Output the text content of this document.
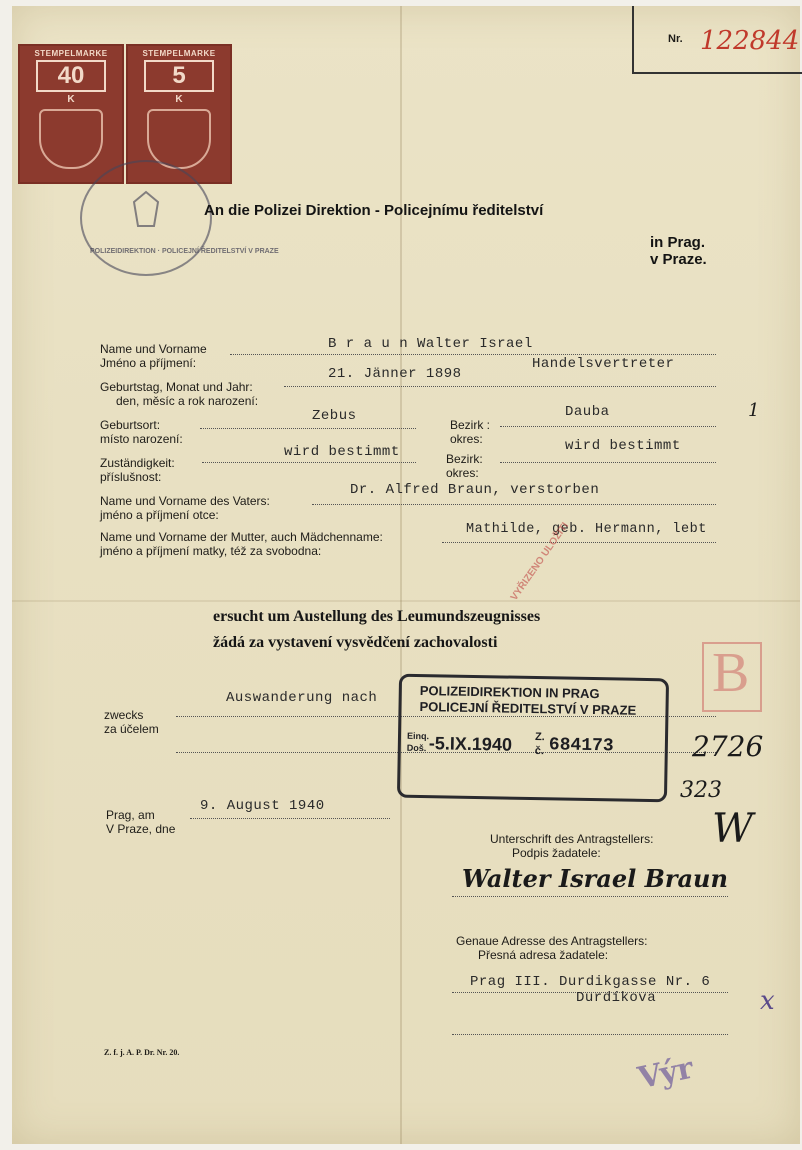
Nr. 122844
STEMPELMARKE
40
K
STEMPELMARKE
5
K
POLIZEIDIREKTION · POLICEJNÍ ŘEDITELSTVÍ V PRAZE
An die Polizei Direktion - Policejnímu ředitelství
in Prag.
v Praze.
Name und Vorname
Jméno a příjmení:
B r a u n Walter Israel
Handelsvertreter
Geburtstag, Monat und Jahr:
den, měsíc a rok narození:
21. Jänner 1898
Geburtsort:
místo narození:
Zebus
Bezirk :
okres:
Dauba	1
Zuständigkeit:
příslušnost:
wird bestimmt	Bezirk:
okres:
wird bestimmt
Name und Vorname des Vaters:
jméno a příjmení otce:
Dr. Alfred Braun, verstorben
Name und Vorname der Mutter, auch Mädchenname:
jméno a příjmení matky, též za svobodna:
Mathilde, geb. Hermann, lebt
ersucht um Austellung des Leumundszeugnisses
žádá za vystavení vysvědčení zachovalosti
VYŘIZENO ULOŽITI
B
zwecks
za účelem
Auswanderung nach	POLIZEIDIREKTION IN PRAG
POLICEJNÍ ŘEDITELSTVÍ V PRAZE
Einq.
Doš. -5.IX.1940 Z.
č. 684173	2726
323
W
Prag, am
V Praze, dne
9. August 1940
Unterschrift des Antragstellers:
Podpis žadatele:
Walter Israel Braun
Genaue Adresse des Antragstellers:
Přesná adresa žadatele:
Prag III. Durdikgasse Nr. 6
Durdíkova	x
Výr
Z. f. j. A. P. Dr. Nr. 20.
